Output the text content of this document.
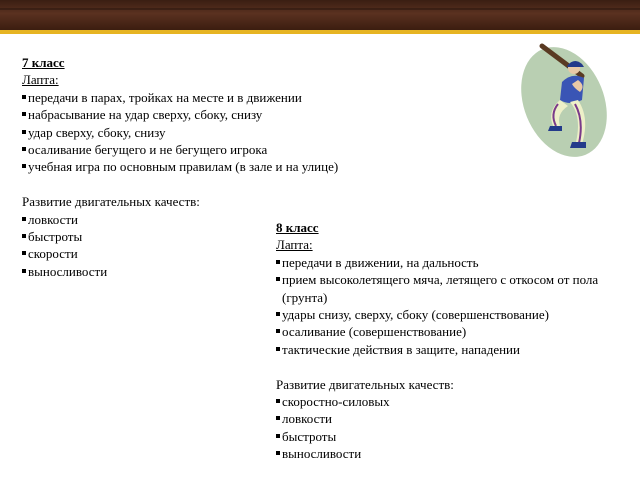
7 класс
Лапта:
передачи в парах, тройках на месте и в движении
набрасывание на удар сверху, сбоку, снизу
удар сверху, сбоку, снизу
осаливание бегущего и не бегущего игрока
учебная игра по основным правилам (в зале и на улице)
Развитие двигательных качеств:
ловкости
быстроты
скорости
выносливости
8 класс
Лапта:
передачи в движении, на дальность
прием высоколетящего мяча, летящего с откосом от пола (грунта)
удары снизу, сверху, сбоку (совершенствование)
осаливание (совершенствование)
тактические действия в защите, нападении
Развитие двигательных качеств:
скоростно-силовых
ловкости
быстроты
выносливости
